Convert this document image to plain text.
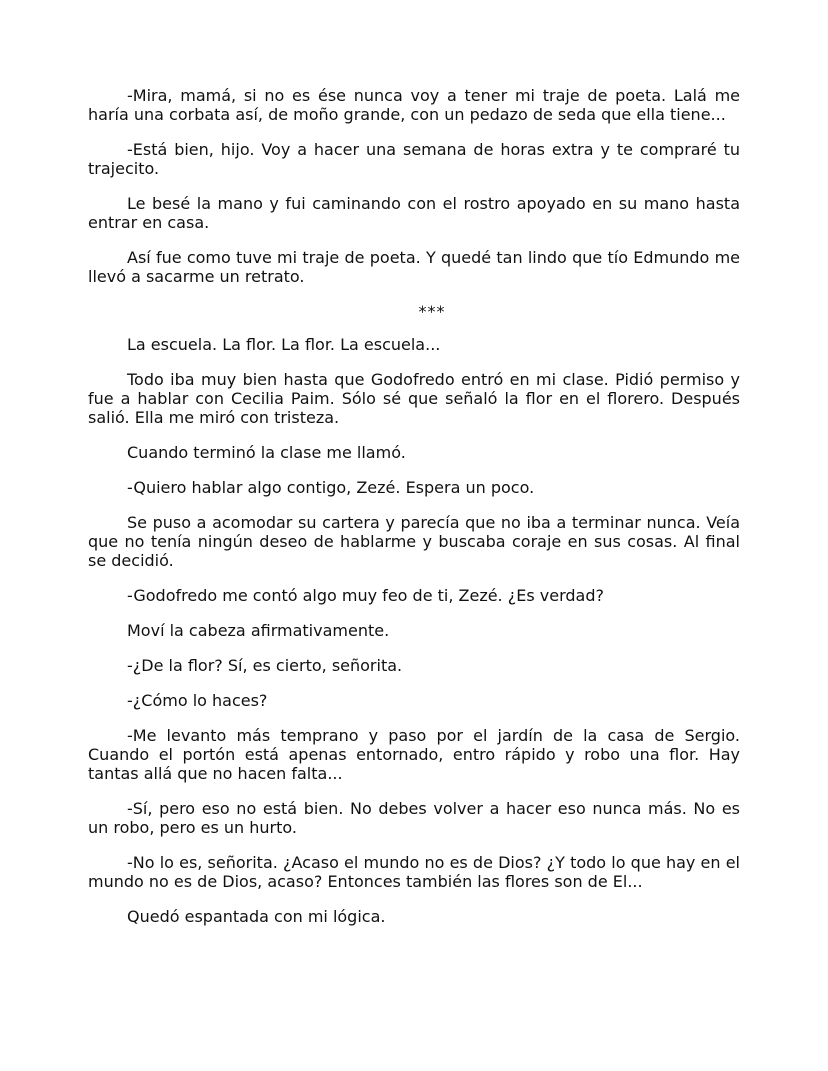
-Mira, mamá, si no es ése nunca voy a tener mi traje de poeta. Lalá me haría una corbata así, de moño grande, con un pedazo de seda que ella tiene...

-Está bien, hijo. Voy a hacer una semana de horas extra y te compraré tu trajecito.

Le besé la mano y fui caminando con el rostro apoyado en su mano hasta entrar en casa.

Así fue como tuve mi traje de poeta. Y quedé tan lindo que tío Edmundo me llevó a sacarme un retrato.

***

La escuela. La flor. La flor. La escuela...

Todo iba muy bien hasta que Godofredo entró en mi clase. Pidió permiso y fue a hablar con Cecilia Paim. Sólo sé que señaló la flor en el florero. Después salió. Ella me miró con tristeza.

Cuando terminó la clase me llamó.

-Quiero hablar algo contigo, Zezé. Espera un poco.

Se puso a acomodar su cartera y parecía que no iba a terminar nunca. Veía que no tenía ningún deseo de hablarme y buscaba coraje en sus cosas. Al final se decidió.

-Godofredo me contó algo muy feo de ti, Zezé. ¿Es verdad?

Moví la cabeza afirmativamente.

-¿De la flor? Sí, es cierto, señorita.

-¿Cómo lo haces?

-Me levanto más temprano y paso por el jardín de la casa de Sergio. Cuando el portón está apenas entornado, entro rápido y robo una flor. Hay tantas allá que no hacen falta...

-Sí, pero eso no está bien. No debes volver a hacer eso nunca más. No es un robo, pero es un hurto.

-No lo es, señorita. ¿Acaso el mundo no es de Dios? ¿Y todo lo que hay en el mundo no es de Dios, acaso? Entonces también las flores son de El...

Quedó espantada con mi lógica.
